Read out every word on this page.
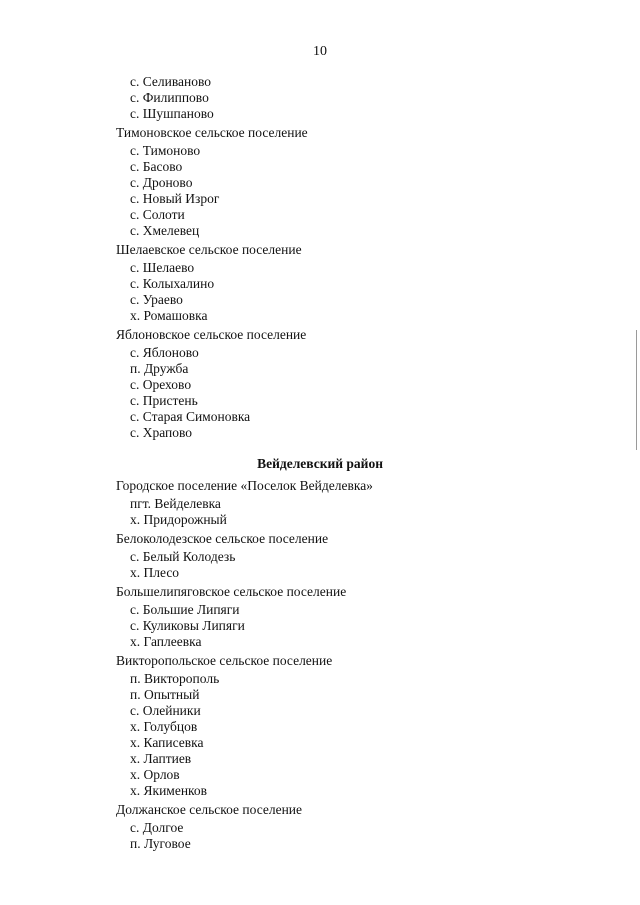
10
с. Селиваново
с. Филиппово
с. Шушпаново
Тимоновское сельское поселение
с. Тимоново
с. Басово
с. Дроново
с. Новый Изрог
с. Солоти
с. Хмелевец
Шелаевское сельское поселение
с. Шелаево
с. Колыхалино
с. Ураево
х. Ромашовка
Яблоновское сельское поселение
с. Яблоново
п. Дружба
с. Орехово
с. Пристень
с. Старая Симоновка
с. Храпово
Вейделевский район
Городское поселение «Поселок Вейделевка»
пгт. Вейделевка
х. Придорожный
Белоколодезское сельское поселение
с. Белый Колодезь
х. Плесо
Большелипяговское сельское поселение
с. Большие Липяги
с. Куликовы Липяги
х. Гаплеевка
Викторопольское сельское поселение
п. Викторополь
п. Опытный
с. Олейники
х. Голубцов
х. Каписевка
х. Лаптиев
х. Орлов
х. Якименков
Должанское сельское поселение
с. Долгое
п. Луговое
